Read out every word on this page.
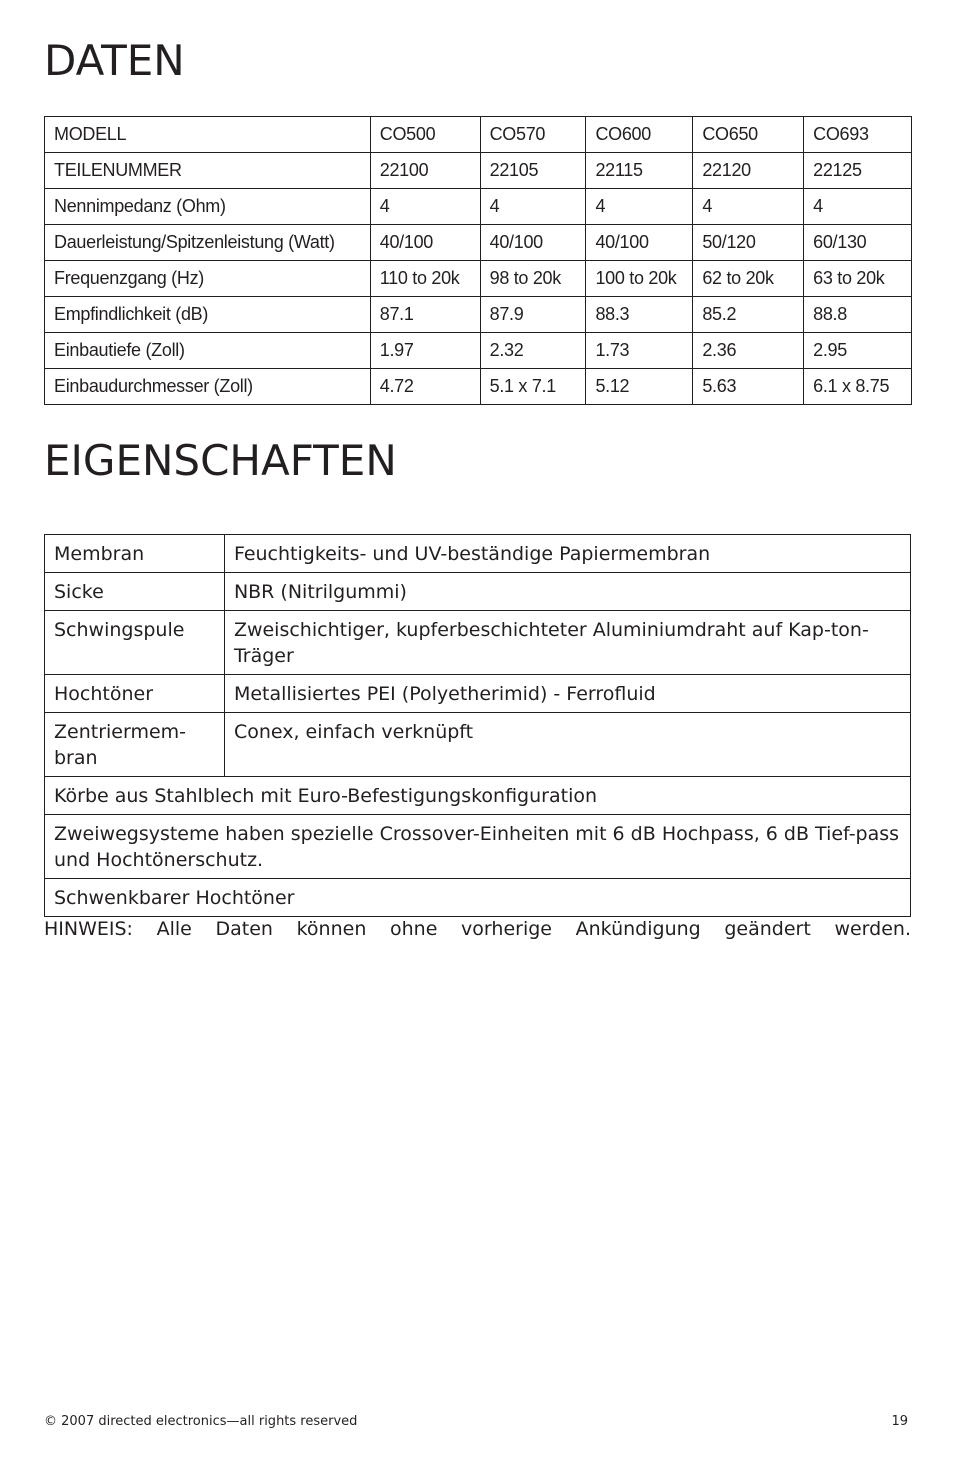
DATEN
MODELL	CO500	CO570	CO600	CO650	CO693
TEILENUMMER	22100	22105	22115	22120	22125
Nennimpedanz (Ohm)	4	4	4	4	4
Dauerleistung/Spitzenleistung (Watt)	40/100	40/100	40/100	50/120	60/130
Frequenzgang (Hz)	110 to 20k	98 to 20k	100 to 20k	62 to 20k	63 to 20k
Empfindlichkeit (dB)	87.1	87.9	88.3	85.2	88.8
Einbautiefe (Zoll)	1.97	2.32	1.73	2.36	2.95
Einbaudurchmesser (Zoll)	4.72	5.1 x 7.1	5.12	5.63	6.1 x 8.75
EIGENSCHAFTEN
Membran	Feuchtigkeits- und UV-beständige Papiermembran
Sicke	NBR (Nitrilgummi)
Schwingspule	Zweischichtiger, kupferbeschichteter Aluminiumdraht auf Kap-ton-Träger
Hochtöner	Metallisiertes PEI (Polyetherimid) - Ferrofluid
Zentriermem-bran	Conex, einfach verknüpft
Körbe aus Stahlblech mit Euro-Befestigungskonfiguration	
Zweiwegsysteme haben spezielle Crossover-Einheiten mit 6 dB Hochpass, 6 dB Tief-pass und Hochtönerschutz.	
Schwenkbarer Hochtöner	
HINWEIS: Alle Daten können ohne vorherige Ankündigung geändert werden.
© 2007 directed electronics—all rights reserved	19
